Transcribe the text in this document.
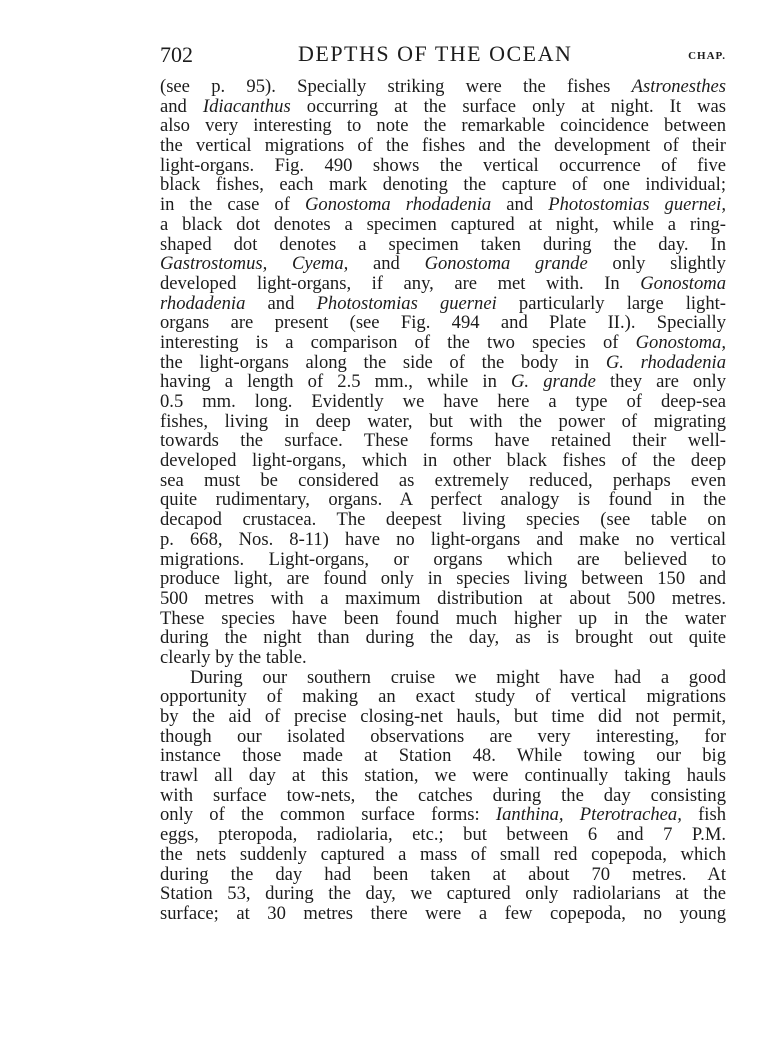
702	DEPTHS OF THE OCEAN	CHAP.
(see p. 95). Specially striking were the fishes Astronesthes
and Idiacanthus occurring at the surface only at night. It was
also very interesting to note the remarkable coincidence between
the vertical migrations of the fishes and the development of their
light-organs. Fig. 490 shows the vertical occurrence of five
black fishes, each mark denoting the capture of one individual;
in the case of Gonostoma rhodadenia and Photostomias guernei,
a black dot denotes a specimen captured at night, while a ring-
shaped dot denotes a specimen taken during the day. In
Gastrostomus, Cyema, and Gonostoma grande only slightly
developed light-organs, if any, are met with. In Gonostoma
rhodadenia and Photostomias guernei particularly large light-
organs are present (see Fig. 494 and Plate II.). Specially
interesting is a comparison of the two species of Gonostoma,
the light-organs along the side of the body in G. rhodadenia
having a length of 2.5 mm., while in G. grande they are only
0.5 mm. long. Evidently we have here a type of deep-sea
fishes, living in deep water, but with the power of migrating
towards the surface. These forms have retained their well-
developed light-organs, which in other black fishes of the deep
sea must be considered as extremely reduced, perhaps even
quite rudimentary, organs. A perfect analogy is found in the
decapod crustacea. The deepest living species (see table on
p. 668, Nos. 8-11) have no light-organs and make no vertical
migrations. Light-organs, or organs which are believed to
produce light, are found only in species living between 150 and
500 metres with a maximum distribution at about 500 metres.
These species have been found much higher up in the water
during the night than during the day, as is brought out quite
clearly by the table.
During our southern cruise we might have had a good
opportunity of making an exact study of vertical migrations
by the aid of precise closing-net hauls, but time did not permit,
though our isolated observations are very interesting, for
instance those made at Station 48. While towing our big
trawl all day at this station, we were continually taking hauls
with surface tow-nets, the catches during the day consisting
only of the common surface forms: Ianthina, Pterotrachea, fish
eggs, pteropoda, radiolaria, etc.; but between 6 and 7 P.M.
the nets suddenly captured a mass of small red copepoda, which
during the day had been taken at about 70 metres. At
Station 53, during the day, we captured only radiolarians at the
surface; at 30 metres there were a few copepoda, no young
